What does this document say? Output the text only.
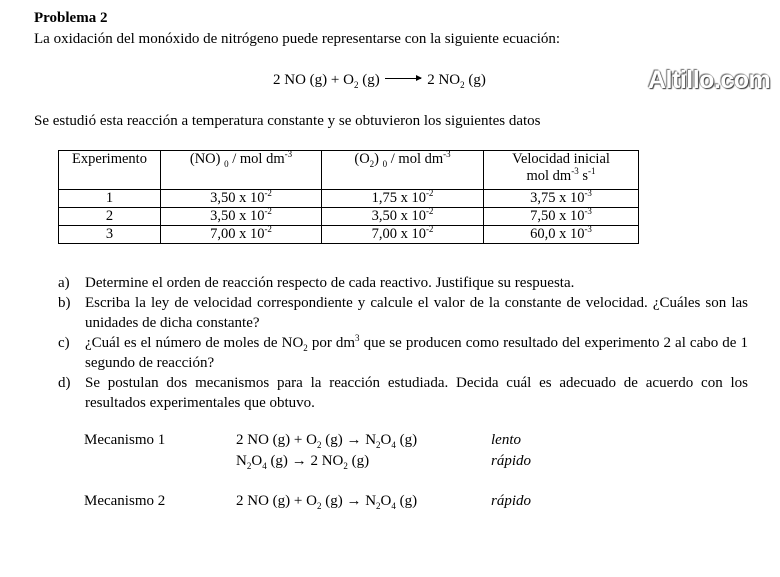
Problema 2
La oxidación del monóxido de nitrógeno puede representarse con la siguiente ecuación:
2 NO $(g) + O_2$ (g)	2 $NO_2$ (g)	Altillo.com
Se estudió esta reacción a temperatura constante y se obtuvieron los siguientes datos
Experimento	(NO) $_0$ / mol $dm^{-3}$	$(O_2)$ $_0$ / mol $dm^{-3}$	Velocidad inicial
mol $dm^{-3}$ $s^{-1}$

1	3,50 x $10^{-2}$	1,75 x $10^{-2}$	3,75 x $10^{-3}$
2	3,50 x $10^{-2}$	3,50 x $10^{-2}$	7,50 x $10^{-3}$
3	7,00 x $10^{-2}$	7,00 x $10^{-2}$	60,0 x $10^{-3}$
a)	Determine el orden de reacción respecto de cada reactivo. Justifique su respuesta.
b) Escriba la ley de velocidad correspondiente y calcule el valor de la constante de velocidad. ¿Cuáles son las unidades de dicha constante?
c)	¿Cuál es el número de moles de $NO_2$ por $dm^3$ que se producen como resultado del experimento 2 al cabo de 1 segundo de reacción?
d) Se postulan dos mecanismos para la reacción estudiada. Decida cuál es adecuado de acuerdo con los resultados experimentales que obtuvo.
Mecanismo 1	2 NO $(g) + O_2$ $(g) \to N_2O_4$ (g)	lento
$N_2O_4$ (g) → 2 $NO_2$ (g)	rápido
Mecanismo 2	2 NO $(g) + O_2$ $(g) \to N_2O_4$ (g)	rápido
